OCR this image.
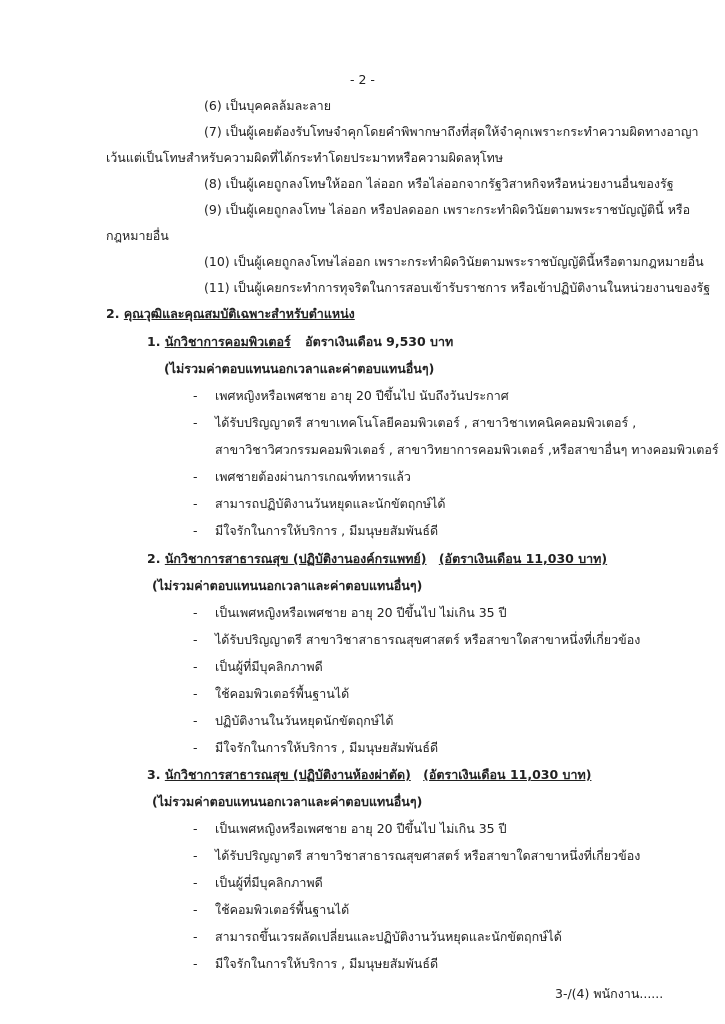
- 2 -
(6) เป็นบุคคลล้มละลาย
(7) เป็นผู้เคยต้องรับโทษจำคุกโดยคำพิพากษาถึงที่สุดให้จำคุกเพราะกระทำความผิดทางอาญา
เว้นแต่เป็นโทษสำหรับความผิดที่ได้กระทำโดยประมาทหรือความผิดลหุโทษ
(8) เป็นผู้เคยถูกลงโทษให้ออก ไล่ออก หรือไล่ออกจากรัฐวิสาหกิจหรือหน่วยงานอื่นของรัฐ
(9) เป็นผู้เคยถูกลงโทษ ไล่ออก หรือปลดออก เพราะกระทำผิดวินัยตามพระราชบัญญัตินี้ หรือ
กฎหมายอื่น
(10) เป็นผู้เคยถูกลงโทษไล่ออก เพราะกระทำผิดวินัยตามพระราชบัญญัตินี้หรือตามกฎหมายอื่น
(11) เป็นผู้เคยกระทำการทุจริตในการสอบเข้ารับราชการ หรือเข้าปฏิบัติงานในหน่วยงานของรัฐ
2. คุณวุฒิและคุณสมบัติเฉพาะสำหรับตำแหน่ง
1. นักวิชาการคอมพิวเตอร์ อัตราเงินเดือน 9,530 บาท
(ไม่รวมค่าตอบแทนนอกเวลาและค่าตอบแทนอื่นๆ)
- เพศหญิงหรือเพศชาย อายุ 20 ปีขึ้นไป นับถึงวันประกาศ
- ได้รับปริญญาตรี สาขาเทคโนโลยีคอมพิวเตอร์ , สาขาวิชาเทคนิคคอมพิวเตอร์ ,
สาขาวิชาวิศวกรรมคอมพิวเตอร์ , สาขาวิทยาการคอมพิวเตอร์ ,หรือสาขาอื่นๆ ทางคอมพิวเตอร์
- เพศชายต้องผ่านการเกณฑ์ทหารแล้ว
- สามารถปฏิบัติงานวันหยุดและนักขัตฤกษ์ได้
- มีใจรักในการให้บริการ , มีมนุษยสัมพันธ์ดี
2. นักวิชาการสาธารณสุข (ปฏิบัติงานองค์กรแพทย์) (อัตราเงินเดือน 11,030 บาท)
(ไม่รวมค่าตอบแทนนอกเวลาและค่าตอบแทนอื่นๆ)
- เป็นเพศหญิงหรือเพศชาย อายุ 20 ปีขึ้นไป ไม่เกิน 35 ปี
- ได้รับปริญญาตรี สาขาวิชาสาธารณสุขศาสตร์ หรือสาขาใดสาขาหนึ่งที่เกี่ยวข้อง
- เป็นผู้ที่มีบุคลิกภาพดี
- ใช้คอมพิวเตอร์พื้นฐานได้
- ปฏิบัติงานในวันหยุดนักขัตฤกษ์ได้
- มีใจรักในการให้บริการ , มีมนุษยสัมพันธ์ดี
3. นักวิชาการสาธารณสุข (ปฏิบัติงานห้องผ่าตัด) (อัตราเงินเดือน 11,030 บาท)
(ไม่รวมค่าตอบแทนนอกเวลาและค่าตอบแทนอื่นๆ)
- เป็นเพศหญิงหรือเพศชาย อายุ 20 ปีขึ้นไป ไม่เกิน 35 ปี
- ได้รับปริญญาตรี สาขาวิชาสาธารณสุขศาสตร์ หรือสาขาใดสาขาหนึ่งที่เกี่ยวข้อง
- เป็นผู้ที่มีบุคลิกภาพดี
- ใช้คอมพิวเตอร์พื้นฐานได้
- สามารถขึ้นเวรผลัดเปลี่ยนและปฏิบัติงานวันหยุดและนักขัตฤกษ์ได้
- มีใจรักในการให้บริการ , มีมนุษยสัมพันธ์ดี
3-/(4) พนักงาน......
